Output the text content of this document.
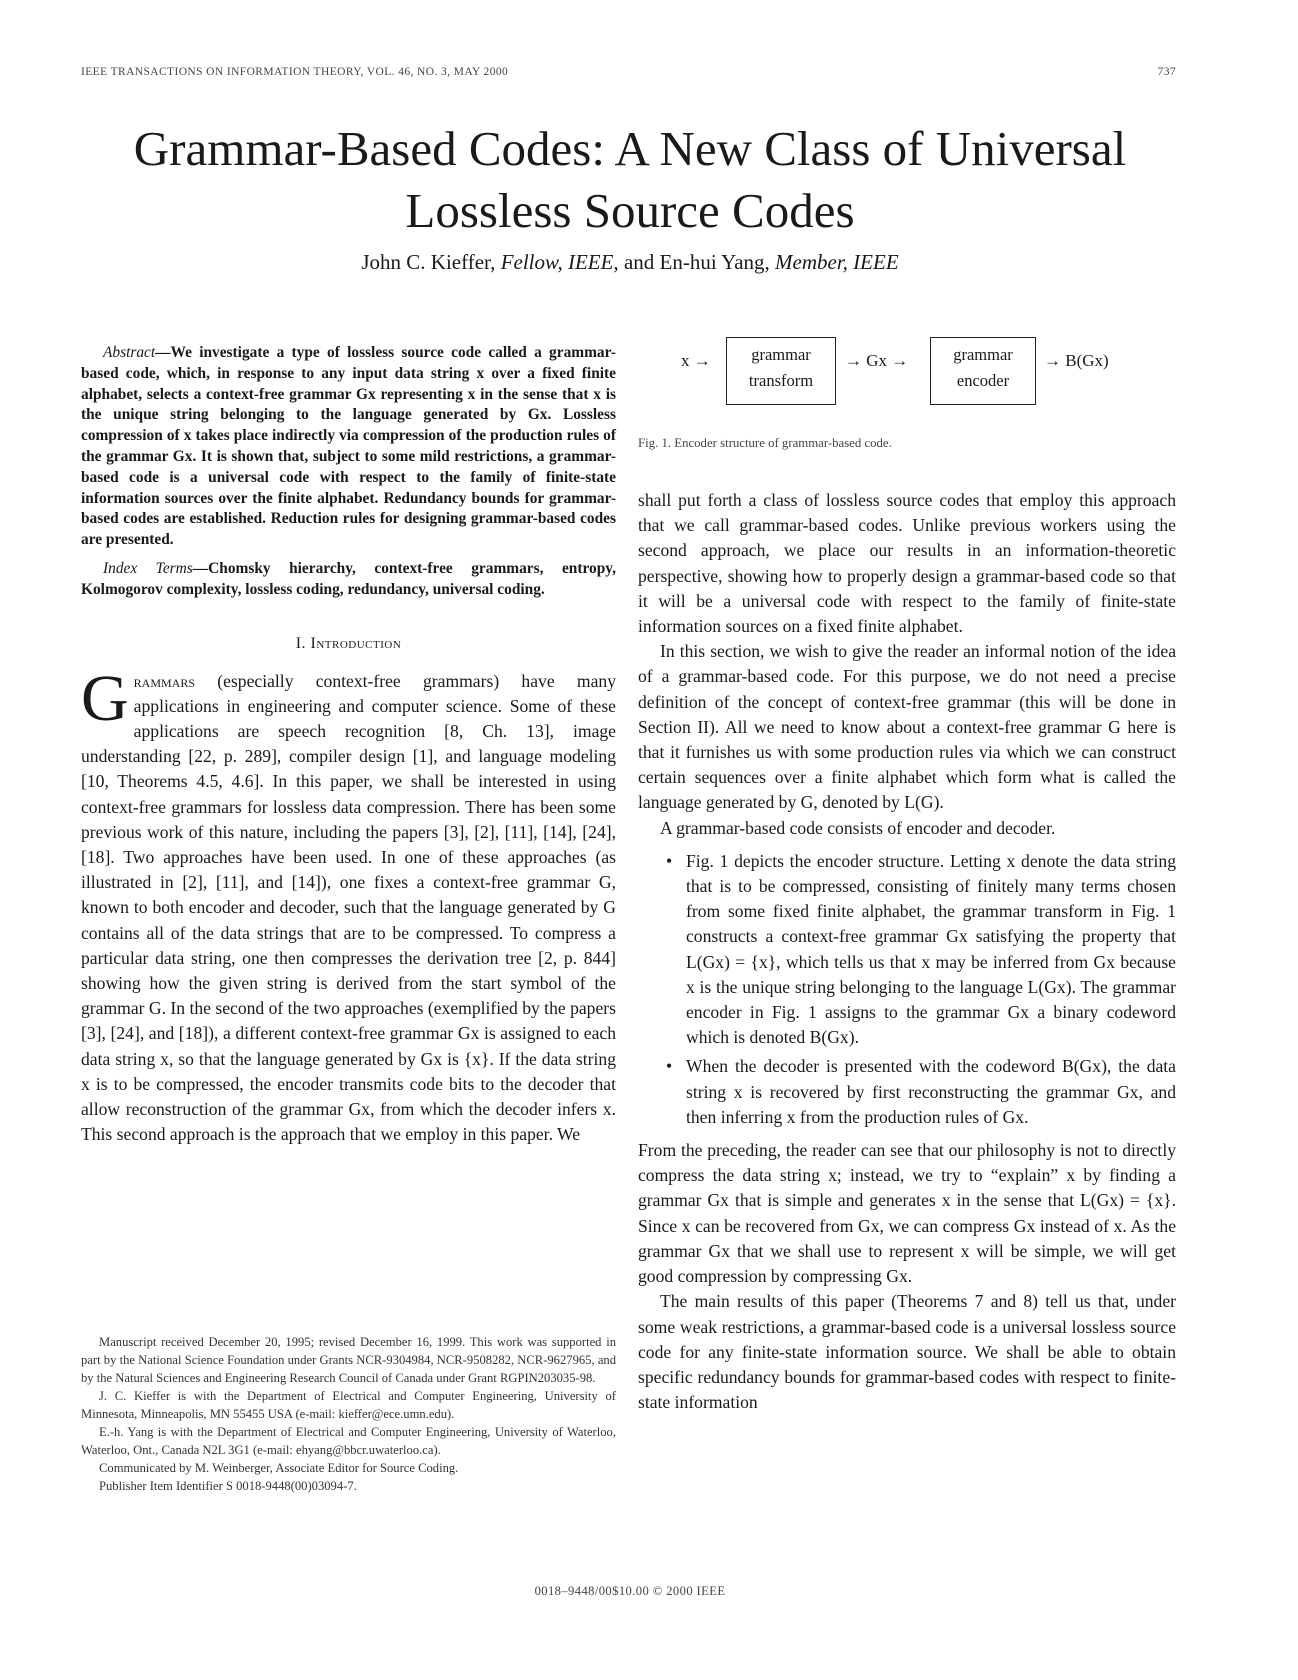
IEEE TRANSACTIONS ON INFORMATION THEORY, VOL. 46, NO. 3, MAY 2000	737
Grammar-Based Codes: A New Class of Universal
Lossless Source Codes
John C. Kieffer, Fellow, IEEE, and En-hui Yang, Member, IEEE

Abstract—We investigate a type of lossless source code called a grammar-based code, which, in response to any input data string x over a fixed finite alphabet, selects a context-free grammar Gx representing x in the sense that x is the unique string belonging to the language generated by Gx. Lossless compression of x takes place indirectly via compression of the production rules of the grammar Gx. It is shown that, subject to some mild restrictions, a grammar-based code is a universal code with respect to the family of finite-state information sources over the finite alphabet. Redundancy bounds for grammar-based codes are established. Reduction rules for designing grammar-based codes are presented.

Index Terms—Chomsky hierarchy, context-free grammars, entropy, Kolmogorov complexity, lossless coding, redundancy, universal coding.

I. Introduction

Grammars (especially context-free grammars) have many applications in engineering and computer science. Some of these applications are speech recognition [8, Ch. 13], image understanding [22, p. 289], compiler design [1], and language modeling [10, Theorems 4.5, 4.6]. In this paper, we shall be interested in using context-free grammars for lossless data compression. There has been some previous work of this nature, including the papers [3], [2], [11], [14], [24],[18]. Two approaches have been used. In one of these approaches (as illustrated in [2], [11], and [14]), one fixes a context-free grammar G, known to both encoder and decoder, such that the language generated by G contains all of the data strings that are to be compressed. To compress a particular data string, one then compresses the derivation tree [2, p. 844] showing how the given string is derived from the start symbol of the grammar G. In the second of the two approaches (exemplified by the papers [3], [24], and [18]), a different context-free grammar Gx is assigned to each data string x, so that the language generated by Gx is {x}. If the data string x is to be compressed, the encoder transmits code bits to the decoder that allow reconstruction of the grammar Gx, from which the decoder infers x. This second approach is the approach that we employ in this paper. We

Manuscript received December 20, 1995; revised December 16, 1999. This work was supported in part by the National Science Foundation under Grants NCR-9304984, NCR-9508282, NCR-9627965, and by the Natural Sciences and Engineering Research Council of Canada under Grant RGPIN203035-98.

J. C. Kieffer is with the Department of Electrical and Computer Engineering, University of Minnesota, Minneapolis, MN 55455 USA (e-mail: kieffer@ece.umn.edu).

E.-h. Yang is with the Department of Electrical and Computer Engineering, University of Waterloo, Waterloo, Ont., Canada N2L 3G1 (e-mail: ehyang@bbcr.uwaterloo.ca).

Communicated by M. Weinberger, Associate Editor for Source Coding.

Publisher Item Identifier S 0018-9448(00)03094-7.

x →	grammar
transform
→ Gx →	grammar
encoder
→ B(Gx)
Fig. 1. Encoder structure of grammar-based code.

shall put forth a class of lossless source codes that employ this approach that we call grammar-based codes. Unlike previous workers using the second approach, we place our results in an information-theoretic perspective, showing how to properly design a grammar-based code so that it will be a universal code with respect to the family of finite-state information sources on a fixed finite alphabet.

In this section, we wish to give the reader an informal notion of the idea of a grammar-based code. For this purpose, we do not need a precise definition of the concept of context-free grammar (this will be done in Section II). All we need to know about a context-free grammar G here is that it furnishes us with some production rules via which we can construct certain sequences over a finite alphabet which form what is called the language generated by G, denoted by L(G).

A grammar-based code consists of encoder and decoder.

• Fig. 1 depicts the encoder structure. Letting x denote the data string that is to be compressed, consisting of finitely many terms chosen from some fixed finite alphabet, the grammar transform in Fig. 1 constructs a context-free grammar Gx satisfying the property that L(Gx) = {x}, which tells us that x may be inferred from Gx because x is the unique string belonging to the language L(Gx). The grammar encoder in Fig. 1 assigns to the grammar Gx a binary codeword which is denoted B(Gx).
• When the decoder is presented with the codeword B(Gx), the data string x is recovered by first reconstructing the grammar Gx, and then inferring x from the production rules of Gx.

From the preceding, the reader can see that our philosophy is not to directly compress the data string x; instead, we try to “explain” x by finding a grammar Gx that is simple and generates x in the sense that L(Gx) = {x}. Since x can be recovered from Gx, we can compress Gx instead of x. As the grammar Gx that we shall use to represent x will be simple, we will get good compression by compressing Gx.

The main results of this paper (Theorems 7 and 8) tell us that, under some weak restrictions, a grammar-based code is a universal lossless source code for any finite-state information source. We shall be able to obtain specific redundancy bounds for grammar-based codes with respect to finite-state information

0018–9448/00$10.00 © 2000 IEEE
